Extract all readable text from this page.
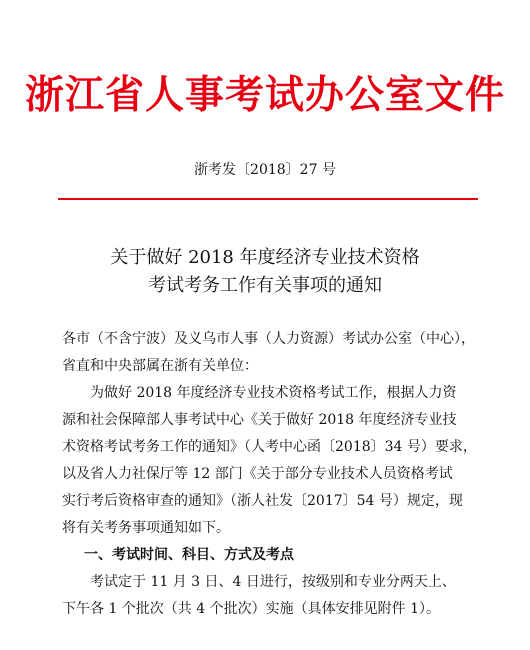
浙江省人事考试办公室文件
浙考发〔2018〕27 号
关于做好 2018 年度经济专业技术资格
考试考务工作有关事项的通知
各市（不含宁波）及义乌市人事（人力资源）考试办公室（中心），
省直和中央部属在浙有关单位：
为做好 2018 年度经济专业技术资格考试工作，根据人力资
源和社会保障部人事考试中心《关于做好 2018 年度经济专业技
术资格考试考务工作的通知》（人考中心函〔2018〕34 号）要求，
以及省人力社保厅等 12 部门《关于部分专业技术人员资格考试
实行考后资格审查的通知》（浙人社发〔2017〕54 号）规定，现
将有关考务事项通知如下。
一、考试时间、科目、方式及考点
考试定于 11 月 3 日、4 日进行，按级别和专业分两天上、
下午各 1 个批次（共 4 个批次）实施（具体安排见附件 1）。
